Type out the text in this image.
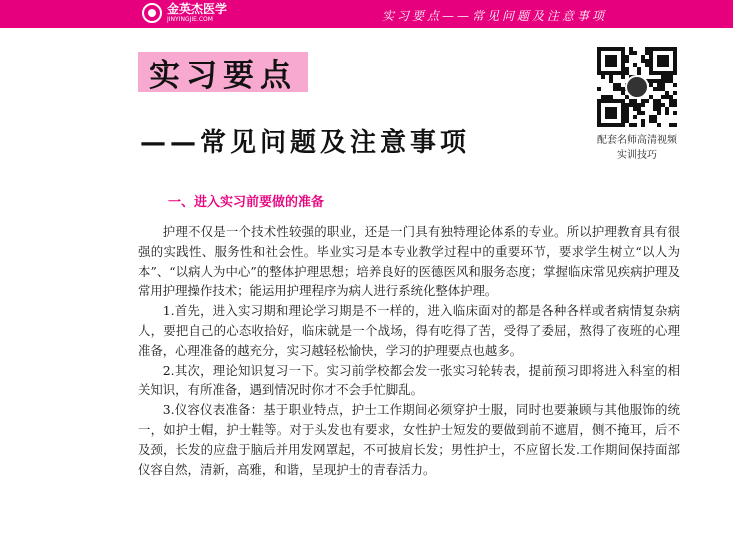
金英杰医学
JINYINGJIE.COM	实习要点——常见问题及注意事项
实习要点
——常见问题及注意事项	配套名师高清视频
实训技巧
一、进入实习前要做的准备

护理不仅是一个技术性较强的职业，还是一门具有独特理论体系的专业。所以护理教育具有很强的实践性、服务性和社会性。毕业实习是本专业教学过程中的重要环节，要求学生树立“以人为本”、“以病人为中心”的整体护理思想；培养良好的医德医风和服务态度；掌握临床常见疾病护理及常用护理操作技术；能运用护理程序为病人进行系统化整体护理。

1.首先，进入实习期和理论学习期是不一样的，进入临床面对的都是各种各样或者病情复杂病人，要把自己的心态收拾好，临床就是一个战场，得有吃得了苦，受得了委屈，熬得了夜班的心理准备，心理准备的越充分，实习越轻松愉快，学习的护理要点也越多。

2.其次，理论知识复习一下。实习前学校都会发一张实习轮转表，提前预习即将进入科室的相关知识，有所准备，遇到情况时你才不会手忙脚乱。

3.仪容仪表准备：基于职业特点，护士工作期间必须穿护士服，同时也要兼顾与其他服饰的统一，如护士帽，护士鞋等。对于头发也有要求，女性护士短发的要做到前不遮眉，侧不掩耳，后不及颈，长发的应盘于脑后并用发网罩起，不可披肩长发；男性护士，不应留长发.工作期间保持面部仪容自然，清新，高雅，和谐，呈现护士的青春活力。
